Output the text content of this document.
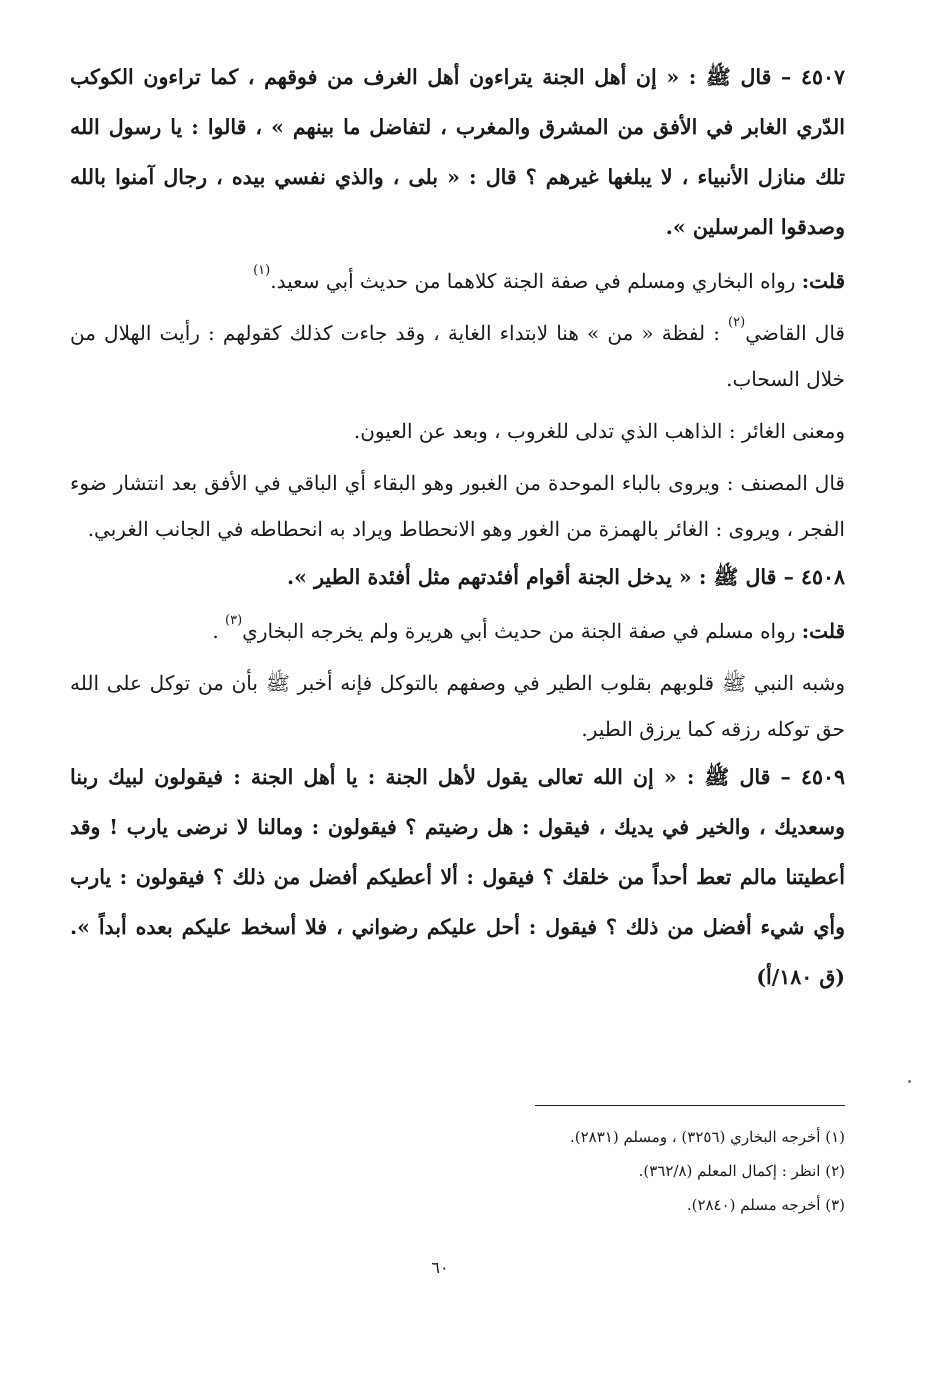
٤٥٠٧ – قال ﷺ : « إن أهل الجنة يتراءون أهل الغرف من فوقهم ، كما تراءون الكوكب الدّري الغابر في الأفق من المشرق والمغرب ، لتفاضل ما بينهم » ، قالوا : يا رسول الله تلك منازل الأنبياء ، لا يبلغها غيرهم ؟ قال : « بلى ، والذي نفسي بيده ، رجال آمنوا بالله وصدقوا المرسلين ».

قلت: رواه البخاري ومسلم في صفة الجنة كلاهما من حديث أبي سعيد.$^{(١)}$

قال القاضي$^{(٢)}$ : لفظة « من » هنا لابتداء الغاية ، وقد جاءت كذلك كقولهم : رأيت الهلال من خلال السحاب.

ومعنى الغائر : الذاهب الذي تدلى للغروب ، وبعد عن العيون.

قال المصنف : ويروى بالباء الموحدة من الغبور وهو البقاء أي الباقي في الأفق بعد انتشار ضوء الفجر ، ويروى : الغائر بالهمزة من الغور وهو الانحطاط ويراد به انحطاطه في الجانب الغربي.

٤٥٠٨ – قال ﷺ : « يدخل الجنة أقوام أفئدتهم مثل أفئدة الطير ».

قلت: رواه مسلم في صفة الجنة من حديث أبي هريرة ولم يخرجه البخاري$^{(٣)}$ .

وشبه النبي ﷺ قلوبهم بقلوب الطير في وصفهم بالتوكل فإنه أخبر ﷺ بأن من توكل على الله حق توكله رزقه كما يرزق الطير.

٤٥٠٩ – قال ﷺ : « إن الله تعالى يقول لأهل الجنة : يا أهل الجنة : فيقولون لبيك ربنا وسعديك ، والخير في يديك ، فيقول : هل رضيتم ؟ فيقولون : ومالنا لا نرضى يارب ! وقد أعطيتنا مالم تعط أحداً من خلقك ؟ فيقول : ألا أعطيكم أفضل من ذلك ؟ فيقولون : يارب وأي شيء أفضل من ذلك ؟ فيقول : أحل عليكم رضواني ، فلا أسخط عليكم بعده أبداً ». (ق ١٨٠/أ)

(١) أخرجه البخاري (٣٢٥٦) ، ومسلم (٢٨٣١).
(٢) انظر : إكمال المعلم (٣٦٢/٨).
(٣) أخرجه مسلم (٢٨٤٠).
٦٠
